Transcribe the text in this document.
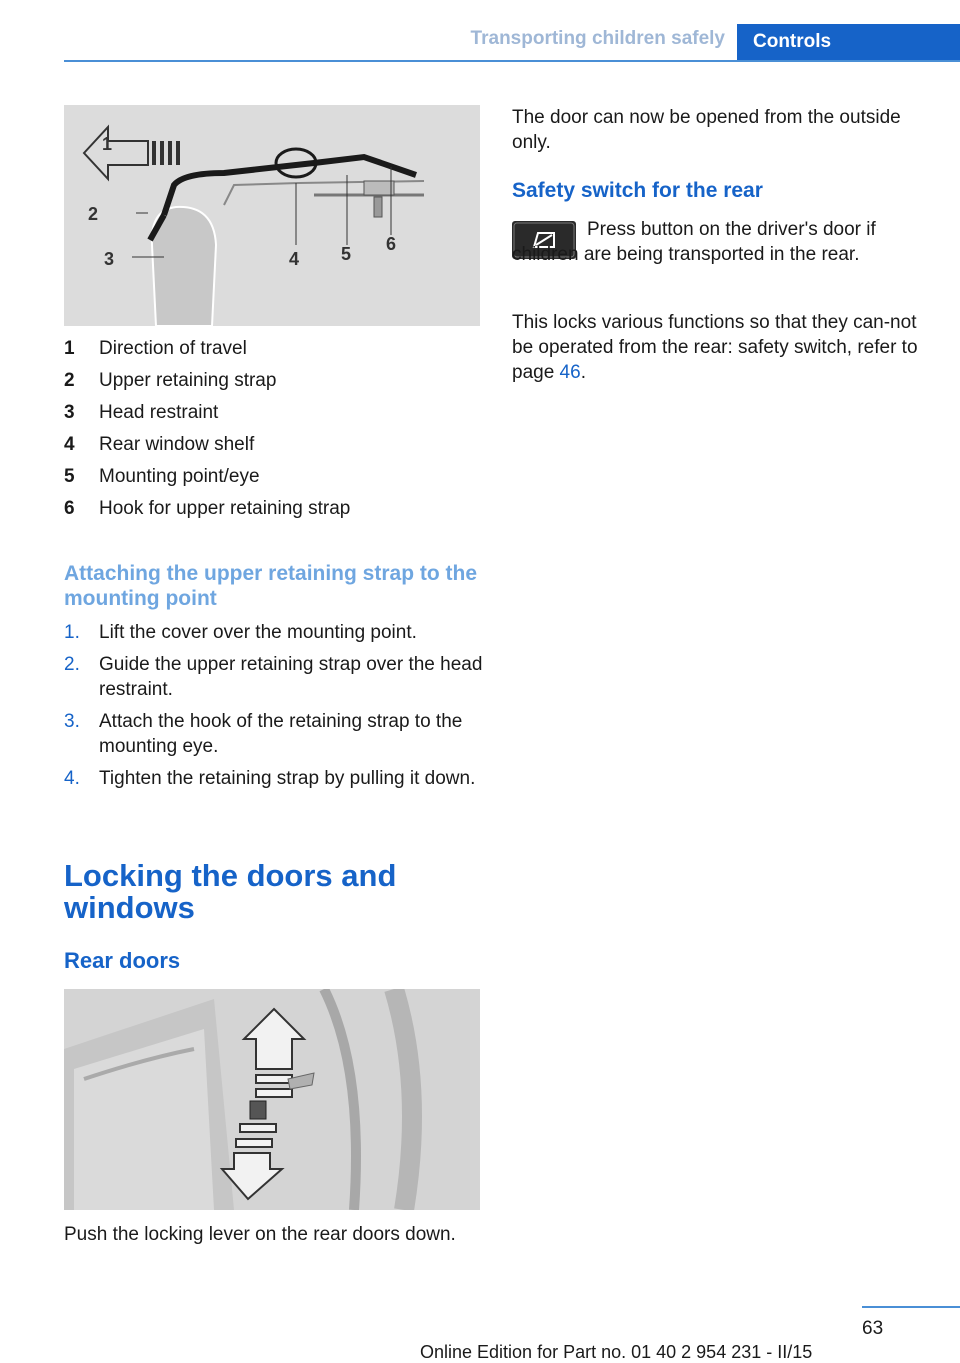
Transporting children safely	Controls
1
2
3	4 5 6
1 Direction of travel
2 Upper retaining strap
3 Head restraint
4 Rear window shelf
5 Mounting point/eye
6 Hook for upper retaining strap
Attaching the upper retaining strap to the mounting point
1. Lift the cover over the mounting point.
2. Guide the upper retaining strap over the head restraint.
3. Attach the hook of the retaining strap to the mounting eye.
4. Tighten the retaining strap by pulling it down.
Locking the doors and windows
Rear doors
Push the locking lever on the rear doors down.
The door can now be opened from the outside only.
Safety switch for the rear
Press button on the driver's door if children are being transported in the rear.
This locks various functions so that they can‐not be operated from the rear: safety switch, refer to page 46.
63
Online Edition for Part no. 01 40 2 954 231 - II/15
